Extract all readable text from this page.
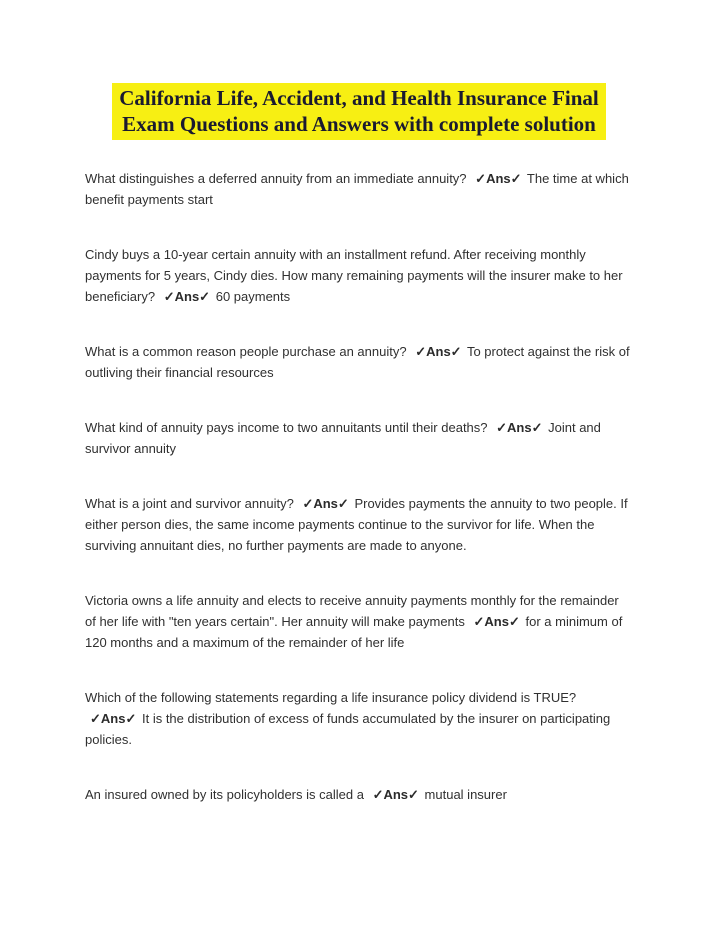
California Life, Accident, and Health Insurance Final
Exam Questions and Answers with complete solution

What distinguishes a deferred annuity from an immediate annuity? ✓Ans✓ The time at which benefit payments start

Cindy buys a 10-year certain annuity with an installment refund. After receiving monthly payments for 5 years, Cindy dies. How many remaining payments will the insurer make to her beneficiary? ✓Ans✓ 60 payments

What is a common reason people purchase an annuity? ✓Ans✓ To protect against the risk of outliving their financial resources

What kind of annuity pays income to two annuitants until their deaths? ✓Ans✓ Joint and survivor annuity

What is a joint and survivor annuity? ✓Ans✓ Provides payments the annuity to two people. If either person dies, the same income payments continue to the survivor for life. When the surviving annuitant dies, no further payments are made to anyone.

Victoria owns a life annuity and elects to receive annuity payments monthly for the remainder of her life with "ten years certain". Her annuity will make payments ✓Ans✓ for a minimum of 120 months and a maximum of the remainder of her life

Which of the following statements regarding a life insurance policy dividend is TRUE? ✓Ans✓ It is the distribution of excess of funds accumulated by the insurer on participating policies.

An insured owned by its policyholders is called a ✓Ans✓ mutual insurer
